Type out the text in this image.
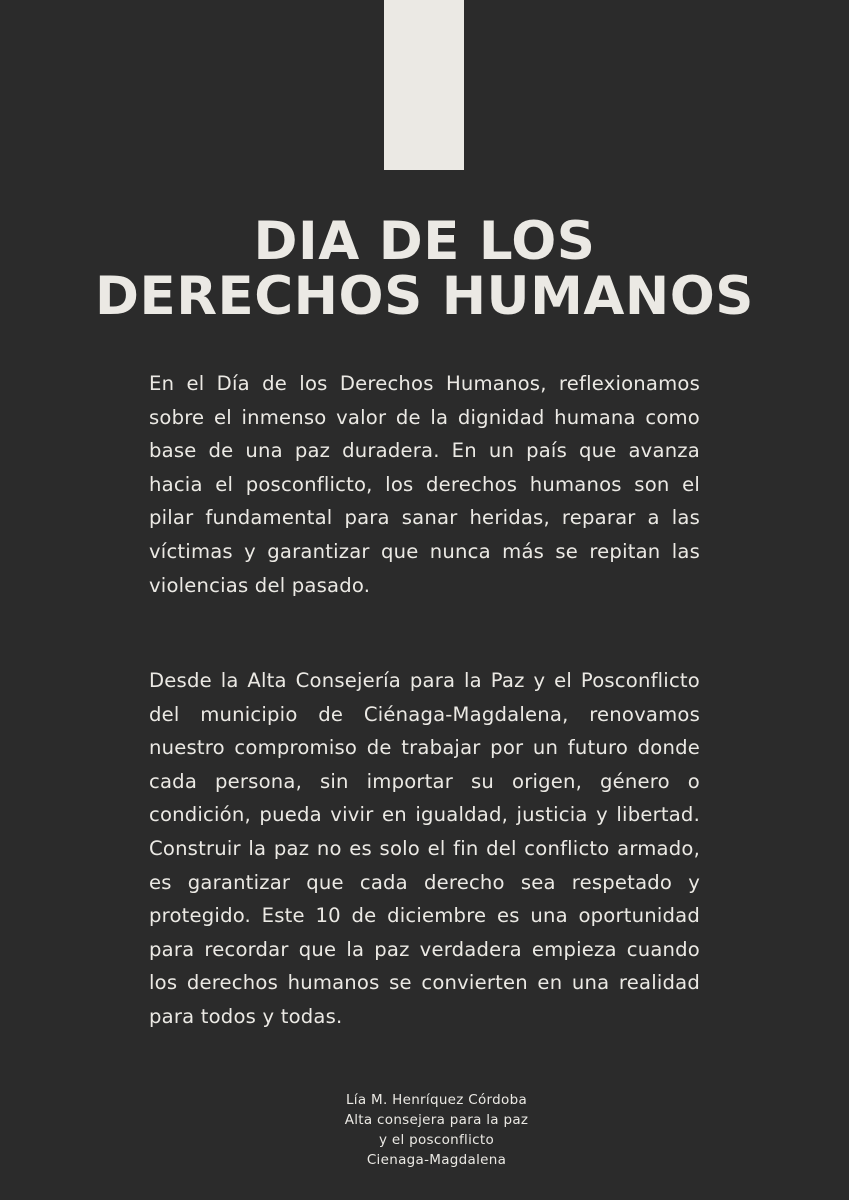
DIA DE LOS
DERECHOS HUMANOS

En el Día de los Derechos Humanos, reflexionamos sobre el inmenso valor de la dignidad humana como base de una paz duradera. En un país que avanza hacia el posconflicto, los derechos humanos son el pilar fundamental para sanar heridas, reparar a las víctimas y garantizar que nunca más se repitan las violencias del pasado.

Desde la Alta Consejería para la Paz y el Posconflicto del municipio de Ciénaga-Magdalena, renovamos nuestro compromiso de trabajar por un futuro donde cada persona, sin importar su origen, género o condición, pueda vivir en igualdad, justicia y libertad. Construir la paz no es solo el fin del conflicto armado, es garantizar que cada derecho sea respetado y protegido. Este 10 de diciembre es una oportunidad para recordar que la paz verdadera empieza cuando los derechos humanos se convierten en una realidad para todos y todas.

Lía M. Henríquez Córdoba
Alta consejera para la paz
y el posconflicto
Cienaga-Magdalena
